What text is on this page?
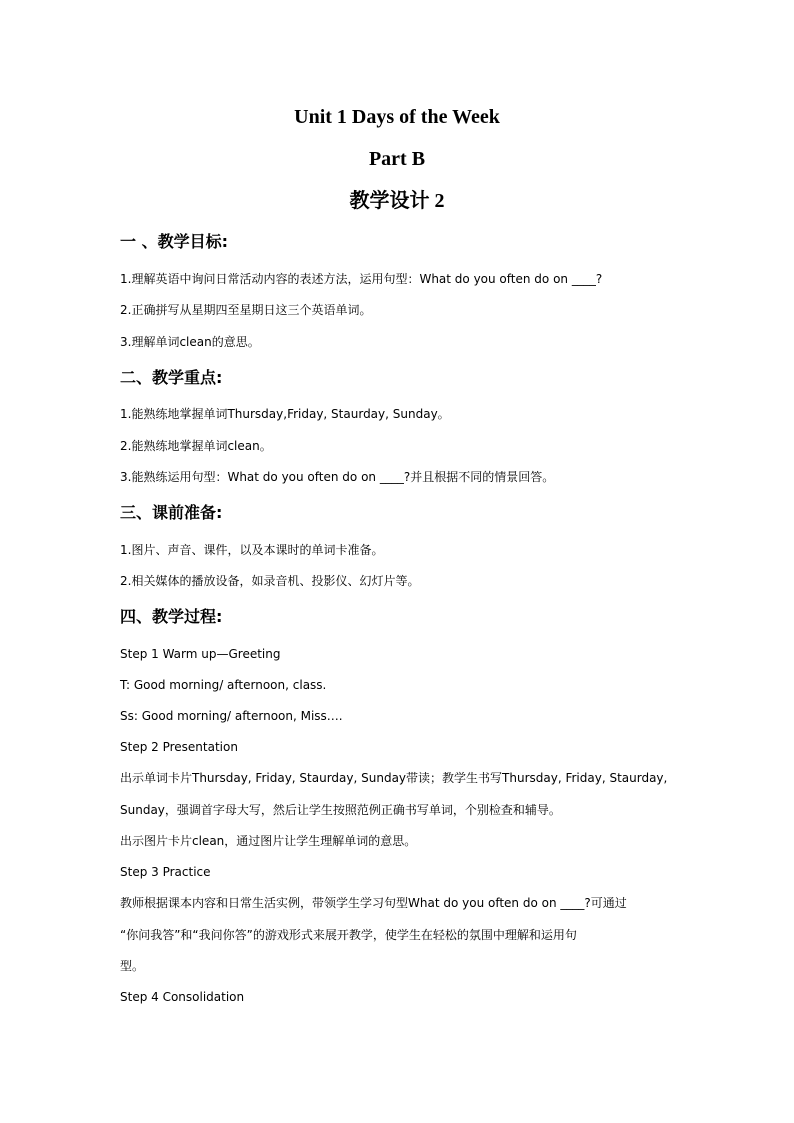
Unit 1 Days of the Week
Part B
教学设计 2
一 、教学目标:
1.理解英语中询问日常活动内容的表述方法，运用句型：What do you often do on ____?
2.正确拼写从星期四至星期日这三个英语单词。
3.理解单词clean的意思。
二、教学重点:
1.能熟练地掌握单词Thursday,Friday, Staurday, Sunday。
2.能熟练地掌握单词clean。
3.能熟练运用句型：What do you often do on ____?并且根据不同的情景回答。
三、课前准备:
1.图片、声音、课件，以及本课时的单词卡准备。
2.相关媒体的播放设备，如录音机、投影仪、幻灯片等。
四、教学过程:
Step 1 Warm up—Greeting
T: Good morning/ afternoon, class.
Ss: Good morning/ afternoon, Miss….
Step 2 Presentation
出示单词卡片Thursday, Friday, Staurday, Sunday带读；教学生书写Thursday, Friday, Staurday,
Sunday，强调首字母大写，然后让学生按照范例正确书写单词，个别检查和辅导。
出示图片卡片clean，通过图片让学生理解单词的意思。
Step 3 Practice
教师根据课本内容和日常生活实例，带领学生学习句型What do you often do on ____?可通过
“你问我答”和“我问你答”的游戏形式来展开教学，使学生在轻松的氛围中理解和运用句
型。
Step 4 Consolidation
